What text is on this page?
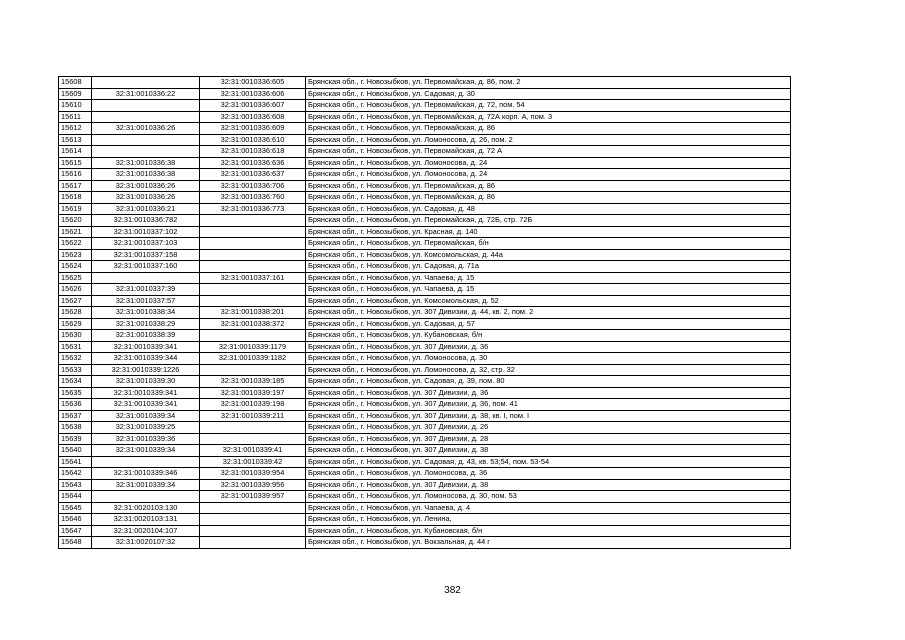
15608		32:31:0010336:605	Брянская обл., г. Новозыбков, ул. Первомайская, д. 86, пом. 2
15609	32:31:0010336:22	32:31:0010336:606	Брянская обл., г. Новозыбков, ул. Садовая, д. 30
15610		32:31:0010336:607	Брянская обл., г. Новозыбков, ул. Первомайская, д. 72, пом. 54
15611		32:31:0010336:608	Брянская обл., г. Новозыбков, ул. Первомайская, д. 72А корп. А, пом. 3
15612	32:31:0010336:26	32:31:0010336:609	Брянская обл., г. Новозыбков, ул. Первомайская, д. 86
15613		32:31:0010336:610	Брянская обл., г. Новозыбков, ул. Ломоносова, д. 26, пом. 2
15614		32:31:0010336:618	Брянская обл., г. Новозыбков, ул. Первомайская, д. 72 А
15615	32:31:0010336:38	32:31:0010336:636	Брянская обл., г. Новозыбков, ул. Ломоносова, д. 24
15616	32:31:0010336:38	32:31:0010336:637	Брянская обл., г. Новозыбков, ул. Ломоносова, д. 24
15617	32:31:0010336:26	32:31:0010336:706	Брянская обл., г. Новозыбков, ул. Первомайская, д. 86
15618	32:31:0010336:26	32:31:0010336:760	Брянская обл., г. Новозыбков, ул. Первомайская, д. 86
15619	32:31:0010336:21	32:31:0010336:773	Брянская обл., г. Новозыбков, ул. Садовая, д. 48
15620	32:31:0010336:782		Брянская обл., г. Новозыбков, ул. Первомайская, д. 72Б, стр. 72Б
15621	32:31:0010337:102		Брянская обл., г. Новозыбков, ул. Красная, д. 140
15622	32:31:0010337:103		Брянская обл., г. Новозыбков, ул. Первомайская, б/н
15623	32:31:0010337:158		Брянская обл., г. Новозыбков, ул. Комсомольская, д. 44а
15624	32:31:0010337:160		Брянская обл., г. Новозыбков, ул. Садовая, д. 71а
15625		32:31:0010337:161	Брянская обл., г. Новозыбков, ул. Чапаева, д. 15
15626	32:31:0010337:39		Брянская обл., г. Новозыбков, ул. Чапаева, д. 15
15627	32:31:0010337:57		Брянская обл., г. Новозыбков, ул. Комсомольская, д. 52
15628	32:31:0010338:34	32:31:0010338:201	Брянская обл., г. Новозыбков, ул. 307 Дивизии, д. 44, кв. 2, пом. 2
15629	32:31:0010338:29	32:31:0010338:372	Брянская обл., г. Новозыбков, ул. Садовая, д. 57
15630	32:31:0010338:39		Брянская обл., г. Новозыбков, ул. Кубановская, б/н
15631	32:31:0010339:341	32:31:0010339:1179	Брянская обл., г. Новозыбков, ул. 307 Дивизии, д. 36
15632	32:31:0010339:344	32:31:0010339:1182	Брянская обл., г. Новозыбков, ул. Ломоносова, д. 30
15633	32:31:0010339:1226		Брянская обл., г. Новозыбков, ул. Ломоносова, д. 32, стр. 32
15634	32:31:0010339:30	32:31:0010339:185	Брянская обл., г. Новозыбков, ул. Садовая, д. 39, пом. 80
15635	32:31:0010339:341	32:31:0010339:197	Брянская обл., г. Новозыбков, ул. 307 Дивизии, д. 36
15636	32:31:0010339:341	32:31:0010339:198	Брянская обл., г. Новозыбков, ул. 307 Дивизии, д. 36, пом. 41
15637	32:31:0010339:34	32:31:0010339:211	Брянская обл., г. Новозыбков, ул. 307 Дивизии, д. 38, кв. I, пом. I
15638	32:31:0010339:25		Брянская обл., г. Новозыбков, ул. 307 Дивизии, д. 26
15639	32:31:0010339:36		Брянская обл., г. Новозыбков, ул. 307 Дивизии, д. 28
15640	32:31:0010339:34	32:31:0010339:41	Брянская обл., г. Новозыбков, ул. 307 Дивизии, д. 38
15641		32:31:0010339:42	Брянская обл., г. Новозыбков, ул. Садовая, д. 43, кв. 53;54, пом. 53-54
15642	32:31:0010339:346	32:31:0010339:954	Брянская обл., г. Новозыбков, ул. Ломоносова, д. 36
15643	32:31:0010339:34	32:31:0010339:956	Брянская обл., г. Новозыбков, ул. 307 Дивизии, д. 38
15644		32:31:0010339:957	Брянская обл., г. Новозыбков, ул. Ломоносова, д. 30, пом. 53
15645	32:31:0020103:130		Брянская обл., г. Новозыбков, ул. Чапаева, д. 4
15646	32:31:0020103:131		Брянская обл., г. Новозыбков, ул. Ленина,
15647	32:31:0020104:107		Брянская обл., г. Новозыбков, ул. Кубановская, б/н
15648	32:31:0020107:32		Брянская обл., г. Новозыбков, ул. Вокзальная, д. 44 г
382
